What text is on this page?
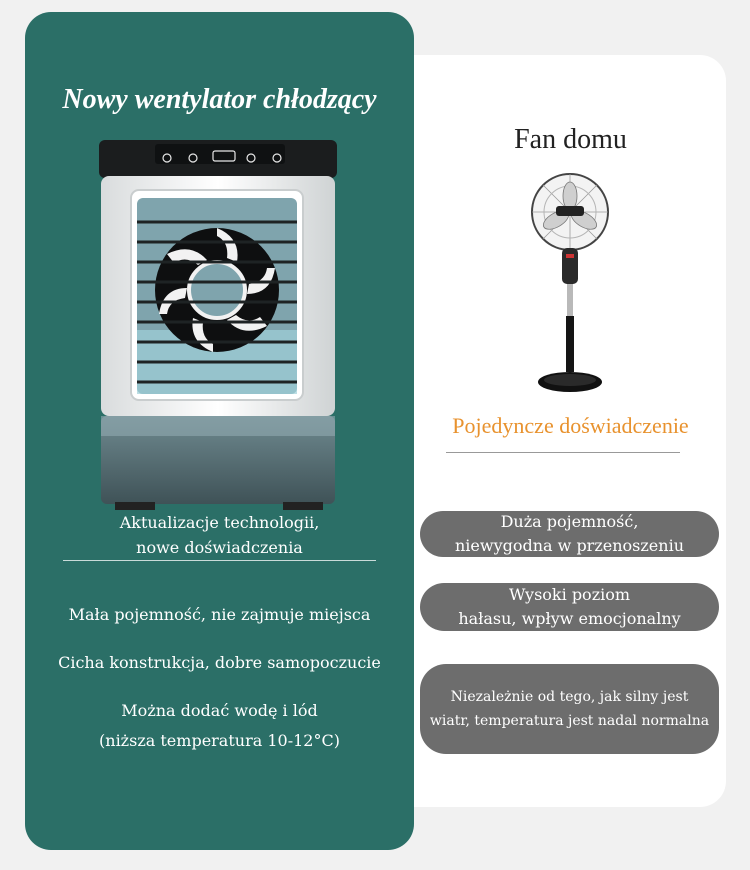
Nowy wentylator chłodzący
Aktualizacje technologii,
nowe doświadczenia
Mała pojemność, nie zajmuje miejsca
Cicha konstrukcja, dobre samopoczucie
Można dodać wodę i lód
(niższa temperatura 10-12°C)
Fan domu
Pojedyncze doświadczenie
Duża pojemność,
niewygodna w przenoszeniu
Wysoki poziom
hałasu, wpływ emocjonalny
Niezależnie od tego, jak silny jest
wiatr, temperatura jest nadal normalna
